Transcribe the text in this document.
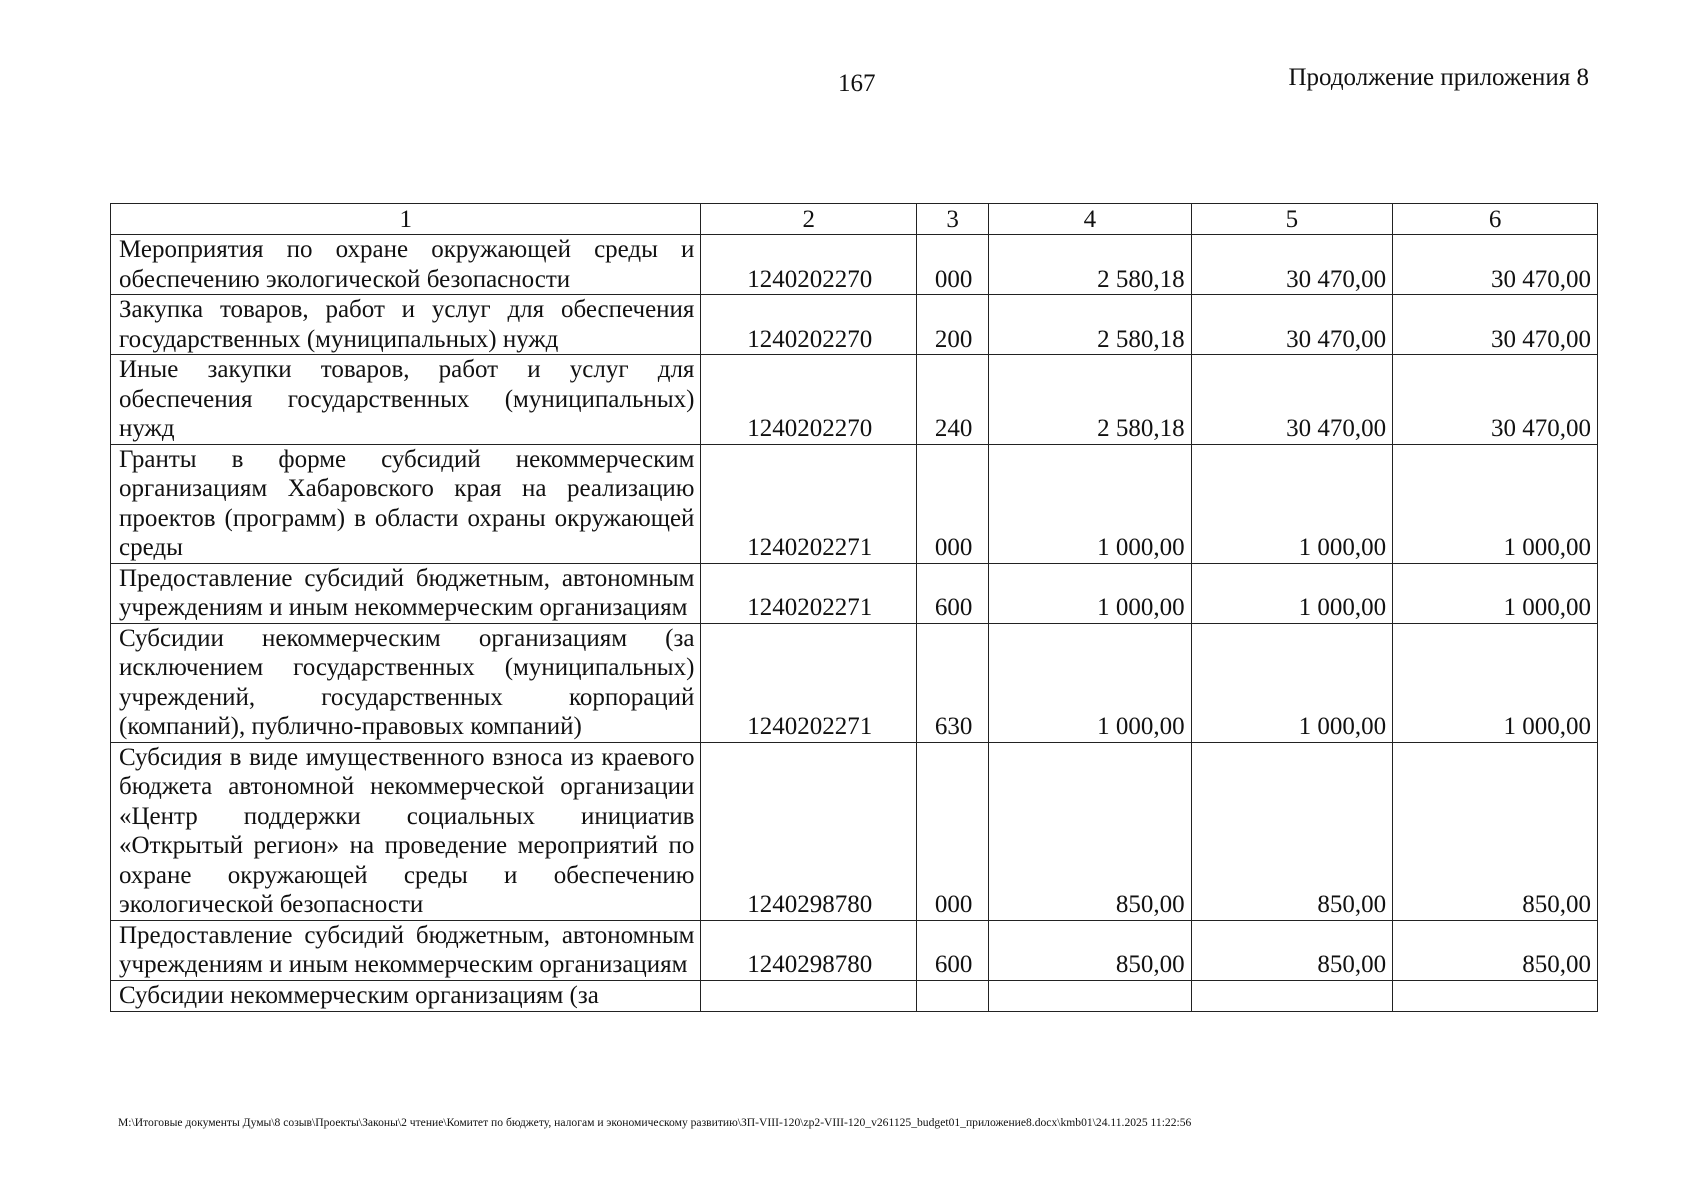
167	Продолжение приложения 8
1	2	3	4	5	6
Мероприятия по охране окружающей среды и обеспечению экологической безопасности	1240202270	000	2 580,18	30 470,00	30 470,00
Закупка товаров, работ и услуг для обеспечения государственных (муниципальных) нужд	1240202270	200	2 580,18	30 470,00	30 470,00
Иные закупки товаров, работ и услуг для обеспечения государственных (муниципальных) нужд	1240202270	240	2 580,18	30 470,00	30 470,00
Гранты в форме субсидий некоммерческим организациям Хабаровского края на реализацию проектов (программ) в области охраны окружающей среды	1240202271	000	1 000,00	1 000,00	1 000,00
Предоставление субсидий бюджетным, автономным учреждениям и иным некоммерческим организациям	1240202271	600	1 000,00	1 000,00	1 000,00
Субсидии некоммерческим организациям (за исключением государственных (муниципальных) учреждений, государственных корпораций (компаний), публично-правовых компаний)	1240202271	630	1 000,00	1 000,00	1 000,00
Субсидия в виде имущественного взноса из краевого бюджета автономной некоммерческой организации «Центр поддержки социальных инициатив «Открытый регион» на проведение мероприятий по охране окружающей среды и обеспечению экологической безопасности	1240298780	000	850,00	850,00	850,00
Предоставление субсидий бюджетным, автономным учреждениям и иным некоммерческим организациям	1240298780	600	850,00	850,00	850,00
Субсидии некоммерческим организациям (за					
M:\Итоговые документы Думы\8 созыв\Проекты\Законы\2 чтение\Комитет по бюджету, налогам и экономическому развитию\ЗП-VIII-120\zp2-VIII-120_v261125_budget01_приложение8.docx\kmb01\24.11.2025 11:22:56
